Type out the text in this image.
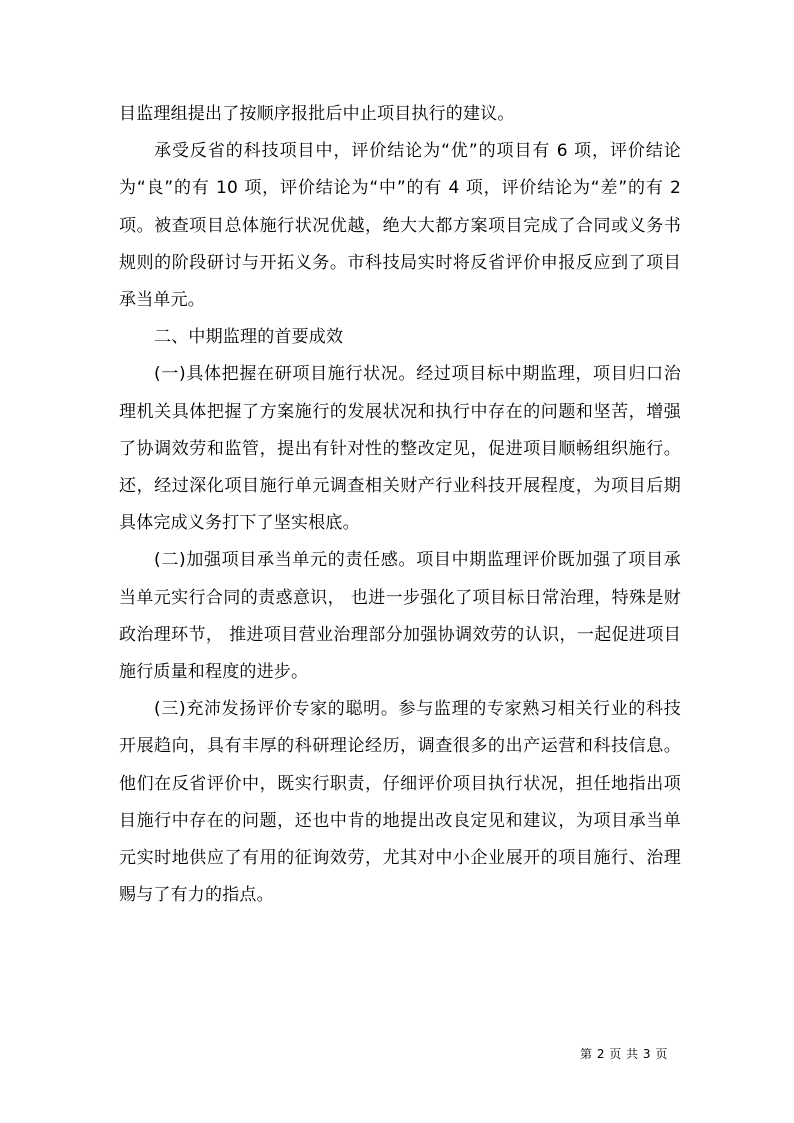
目监理组提出了按顺序报批后中止项目执行的建议。

承受反省的科技项目中，评价结论为“优”的项目有 6 项，评价结论为“良”的有 10 项，评价结论为“中”的有 4 项，评价结论为“差”的有 2 项。被查项目总体施行状况优越，绝大大都方案项目完成了合同或义务书规则的阶段研讨与开拓义务。市科技局实时将反省评价申报反应到了项目承当单元。

二、中期监理的首要成效

(一)具体把握在研项目施行状况。经过项目标中期监理，项目归口治理机关具体把握了方案施行的发展状况和执行中存在的问题和坚苦，增强了协调效劳和监管，提出有针对性的整改定见，促进项目顺畅组织施行。还，经过深化项目施行单元调查相关财产行业科技开展程度，为项目后期具体完成义务打下了坚实根底。

(二)加强项目承当单元的责任感。项目中期监理评价既加强了项目承当单元实行合同的责惑意识， 也进一步强化了项目标日常治理，特殊是财政治理环节， 推进项目营业治理部分加强协调效劳的认识，一起促进项目施行质量和程度的进步。

(三)充沛发扬评价专家的聪明。参与监理的专家熟习相关行业的科技开展趋向，具有丰厚的科研理论经历，调查很多的出产运营和科技信息。他们在反省评价中，既实行职责，仔细评价项目执行状况，担任地指出项目施行中存在的问题，还也中肯的地提出改良定见和建议，为项目承当单元实时地供应了有用的征询效劳，尤其对中小企业展开的项目施行、治理赐与了有力的指点。

第 2 页 共 3 页
